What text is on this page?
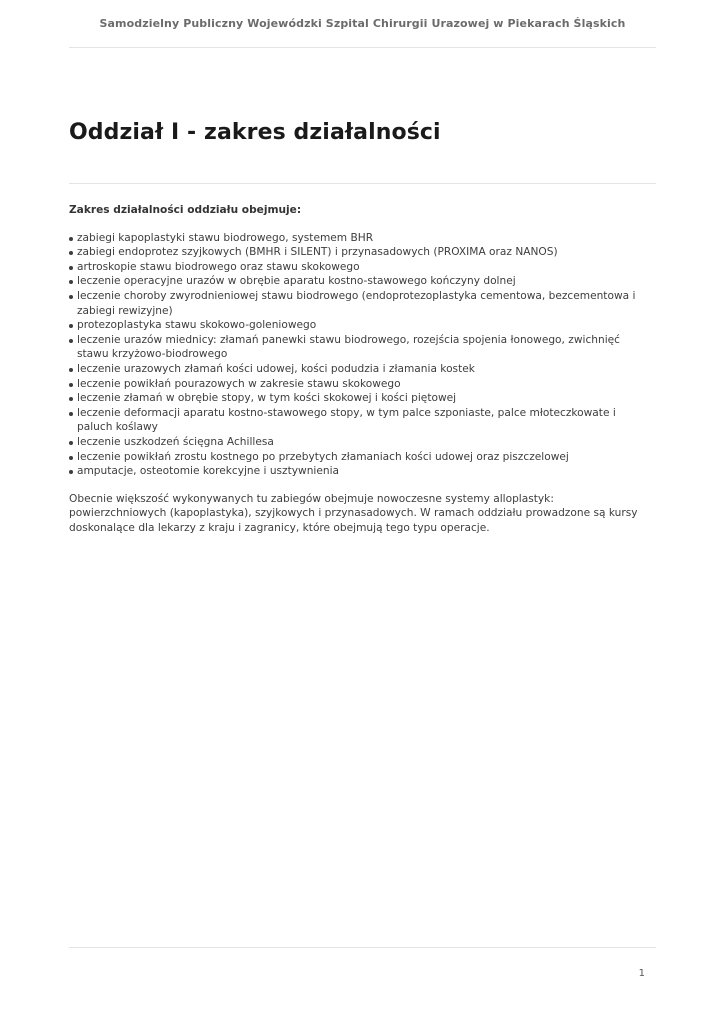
Samodzielny Publiczny Wojewódzki Szpital Chirurgii Urazowej w Piekarach Śląskich
Oddział I - zakres działalności

Zakres działalności oddziału obejmuje:

zabiegi kapoplastyki stawu biodrowego, systemem BHR
zabiegi endoprotez szyjkowych (BMHR i SILENT) i przynasadowych (PROXIMA oraz NANOS)
artroskopie stawu biodrowego oraz stawu skokowego
leczenie operacyjne urazów w obrębie aparatu kostno-stawowego kończyny dolnej
leczenie choroby zwyrodnieniowej stawu biodrowego (endoprotezoplastyka cementowa, bezcementowa i zabiegi rewizyjne)
protezoplastyka stawu skokowo-goleniowego
leczenie urazów miednicy: złamań panewki stawu biodrowego, rozejścia spojenia łonowego, zwichnięć stawu krzyżowo-biodrowego
leczenie urazowych złamań kości udowej, kości podudzia i złamania kostek
leczenie powikłań pourazowych w zakresie stawu skokowego
leczenie złamań w obrębie stopy, w tym kości skokowej i kości piętowej
leczenie deformacji aparatu kostno-stawowego stopy, w tym palce szponiaste, palce młoteczkowate i paluch koślawy
leczenie uszkodzeń ścięgna Achillesa
leczenie powikłań zrostu kostnego po przebytych złamaniach kości udowej oraz piszczelowej
amputacje, osteotomie korekcyjne i usztywnienia

Obecnie większość wykonywanych tu zabiegów obejmuje nowoczesne systemy alloplastyk: powierzchniowych (kapoplastyka), szyjkowych i przynasadowych. W ramach oddziału prowadzone są kursy doskonalące dla lekarzy z kraju i zagranicy, które obejmują tego typu operacje.

1
